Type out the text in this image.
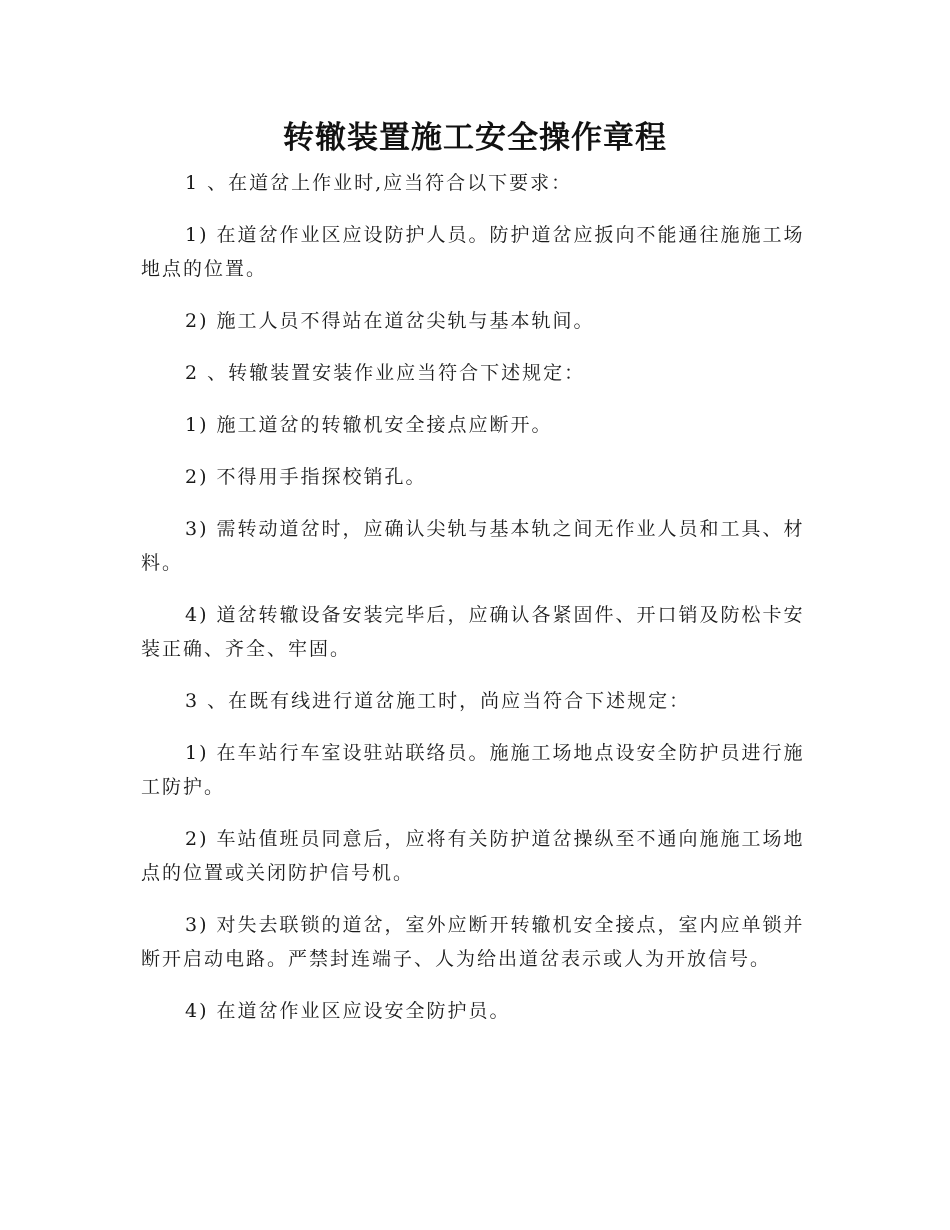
转辙装置施工安全操作章程

1 、在道岔上作业时,应当符合以下要求：

1) 在道岔作业区应设防护人员。防护道岔应扳向不能通往施施工场地点的位置。

2) 施工人员不得站在道岔尖轨与基本轨间。

2 、转辙装置安装作业应当符合下述规定：

1) 施工道岔的转辙机安全接点应断开。

2) 不得用手指探校销孔。

3) 需转动道岔时，应确认尖轨与基本轨之间无作业人员和工具、材料。

4) 道岔转辙设备安装完毕后，应确认各紧固件、开口销及防松卡安装正确、齐全、牢固。

3 、在既有线进行道岔施工时，尚应当符合下述规定：

1) 在车站行车室设驻站联络员。施施工场地点设安全防护员进行施工防护。

2) 车站值班员同意后，应将有关防护道岔操纵至不通向施施工场地点的位置或关闭防护信号机。

3) 对失去联锁的道岔，室外应断开转辙机安全接点，室内应单锁并断开启动电路。严禁封连端子、人为给出道岔表示或人为开放信号。

4) 在道岔作业区应设安全防护员。
